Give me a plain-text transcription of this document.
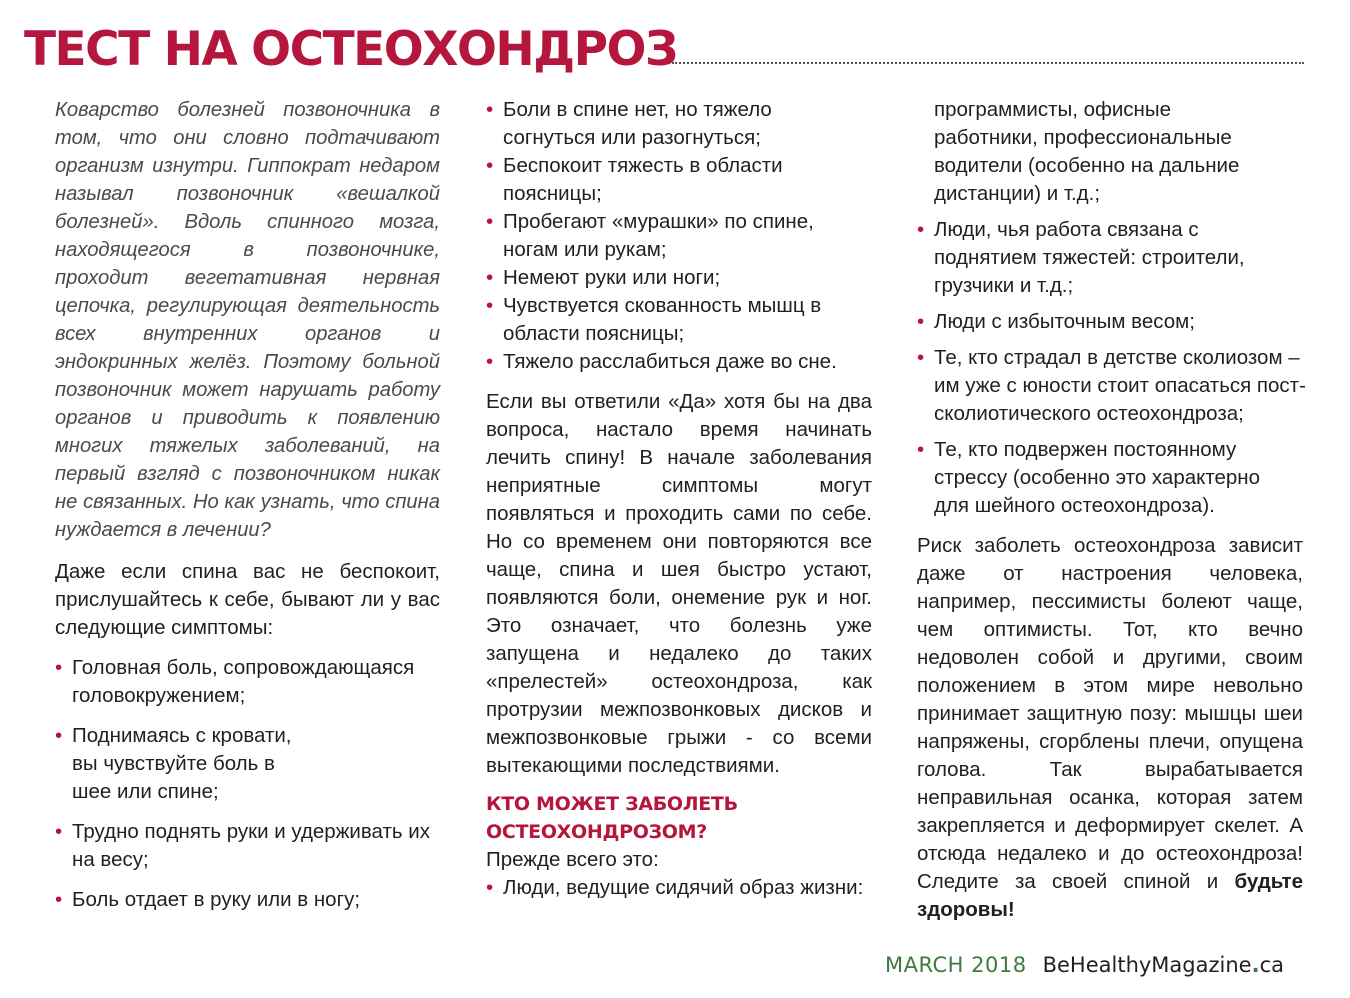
ТЕСТ НА ОСТЕОХОНДРОЗ

Коварство болезней позвоночника в том, что они словно подтачивают организм изнутри. Гиппократ недаром называл позвоночник «вешалкой болезней». Вдоль спинного мозга, находящегося в позвоночнике, проходит вегетативная нервная цепочка, регулирующая деятельность всех внутренних органов и эндокринных желёз. Поэтому больной позвоночник может нарушать работу органов и приводить к появлению многих тяжелых заболеваний, на первый взгляд с позвоночником никак не связанных. Но как узнать, что спина нуждается в лечении?

Даже если спина вас не беспокоит, прислушайтесь к себе, бывают ли у вас следующие симптомы:

• Головная боль, сопровождающаяся головокружением;
• Поднимаясь с кровати, вы чувствуйте боль в шее или спине;
• Трудно поднять руки и удерживать их на весу;
• Боль отдает в руку или в ногу;
• Боли в спине нет, но тяжело согнуться или разогнуться;
• Беспокоит тяжесть в области поясницы;
• Пробегают «мурашки» по спине, ногам или рукам;
• Немеют руки или ноги;
• Чувствуется скованность мышц в области поясницы;
• Тяжело расслабиться даже во сне.

Если вы ответили «Да» хотя бы на два вопроса, настало время начинать лечить спину! В начале заболевания неприятные симптомы могут появляться и проходить сами по себе. Но со временем они повторяются все чаще, спина и шея быстро устают, появляются боли, онемение рук и ног. Это означает, что болезнь уже запущена и недалеко до таких «прелестей» остеохондроза, как протрузии межпозвонковых дисков и межпозвонковые грыжи - со всеми вытекающими последствиями.

КТО МОЖЕТ ЗАБОЛЕТЬ
ОСТЕОХОНДРОЗОМ?

Прежде всего это:

• Люди, ведущие сидячий образ жизни:

программисты, офисные работники, профессиональные водители (особенно на дальние дистанции) и т.д.;

• Люди, чья работа связана с поднятием тяжестей: строители, грузчики и т.д.;
• Люди с избыточным весом;
• Те, кто страдал в детстве сколиозом – им уже с юности стоит опасаться пост-сколиотического остеохондроза;
• Те, кто подвержен постоянному стрессу (особенно это характерно для шейного остеохондроза).

Риск заболеть остеохондроза зависит даже от настроения человека, например, пессимисты болеют чаще, чем оптимисты. Тот, кто вечно недоволен собой и другими, своим положением в этом мире невольно принимает защитную позу: мышцы шеи напряжены, сгорблены плечи, опущена голова. Так вырабатывается неправильная осанка, которая затем закрепляется и деформирует скелет. А отсюда недалеко и до остеохондроза! Следите за своей спиной и будьте здоровы!

MARCH 2018 BeHealthyMagazine.ca
